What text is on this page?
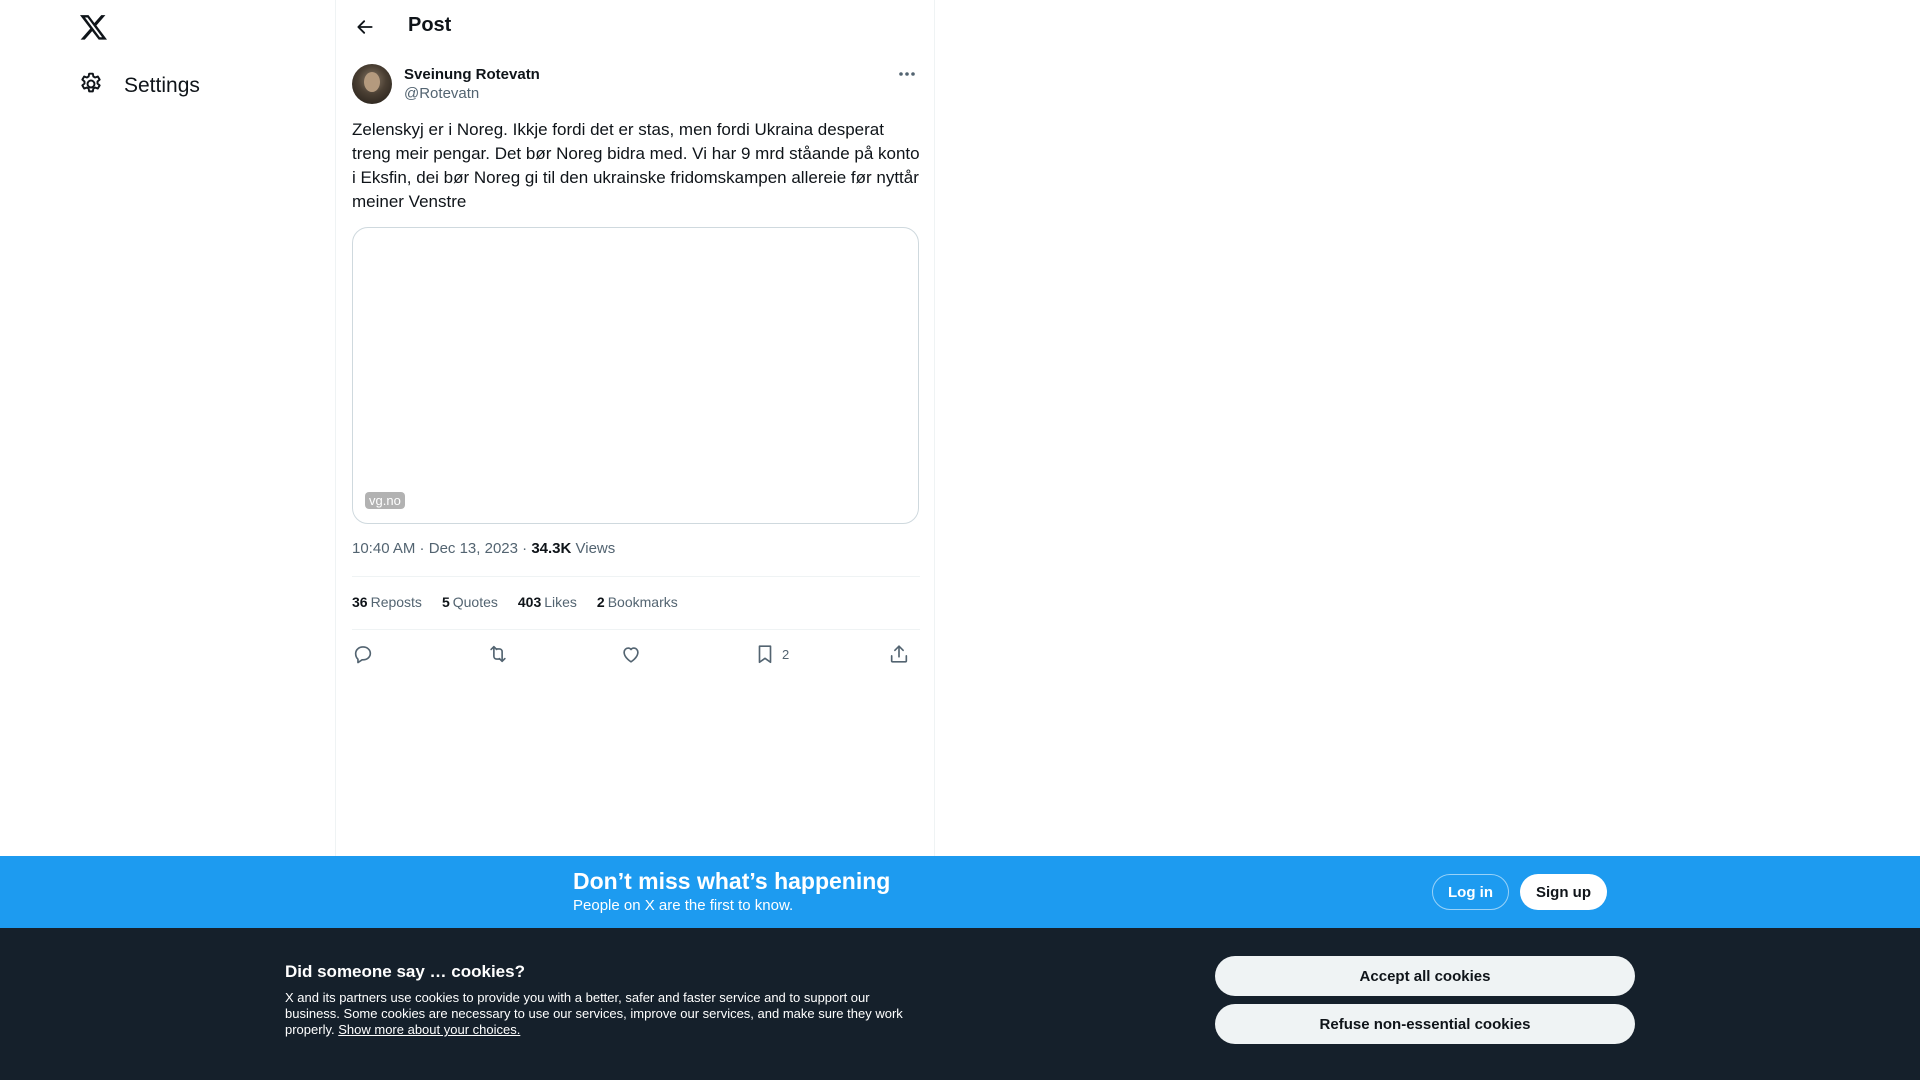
Settings
Post
Sveinung Rotevatn
@Rotevatn
Zelenskyj er i Noreg. Ikkje fordi det er stas, men fordi Ukraina desperat treng meir pengar. Det bør Noreg bidra med. Vi har 9 mrd ståande på konto i Eksfin, dei bør Noreg gi til den ukrainske fridomskampen allereie før nyttår meiner Venstre
vg.no
10:40 AM · Dec 13, 2023 · 34.3K Views
36 Reposts 5 Quotes 403 Likes 2 Bookmarks
2
Don’t miss what’s happening
People on X are the first to know.
Log in	Sign up
Did someone say … cookies?
X and its partners use cookies to provide you with a better, safer and faster service and to support our business. Some cookies are necessary to use our services, improve our services, and make sure they work properly. Show more about your choices.
Accept all cookies
Refuse non-essential cookies
